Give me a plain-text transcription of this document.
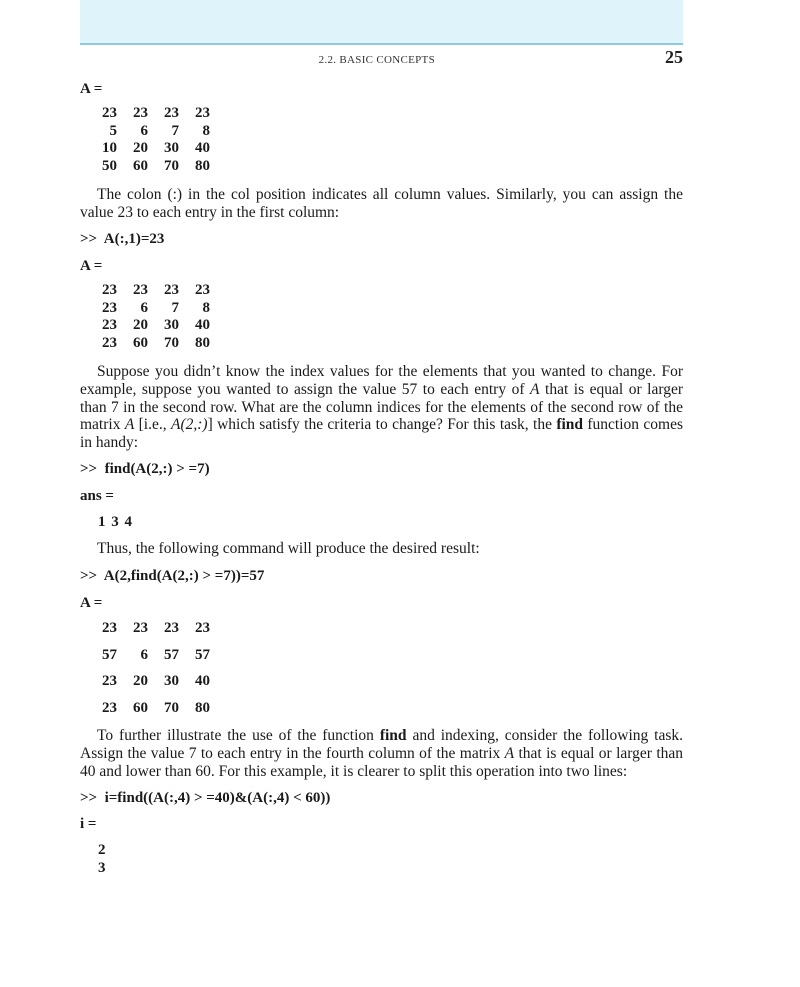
2.2. BASIC CONCEPTS	25
A =
23	23	23	23
5	6	7	8
10	20	30	40
50	60	70	80

The colon (:) in the col position indicates all column values. Similarly, you can assign the value 23 to each entry in the first column:

>>  A(:,1)=23
A =
23	23	23	23
23	6	7	8
23	20	30	40
23	60	70	80

Suppose you didn’t know the index values for the elements that you wanted to change. For example, suppose you wanted to assign the value 57 to each entry of A that is equal or larger than 7 in the second row. What are the column indices for the elements of the second row of the matrix A [i.e., A(2,:)] which satisfy the criteria to change? For this task, the find function comes in handy:

>>  find(A(2,:) > =7)
ans =
1 3 4

Thus, the following command will produce the desired result:

>>  A(2,find(A(2,:) > =7))=57
A =
23	23	23	23
57	6	57	57
23	20	30	40
23	60	70	80

To further illustrate the use of the function find and indexing, consider the following task. Assign the value 7 to each entry in the fourth column of the matrix A that is equal or larger than 40 and lower than 60. For this example, it is clearer to split this operation into two lines:

>>  i=find((A(:,4) > =40)&(A(:,4) < 60))
i =
2
3
